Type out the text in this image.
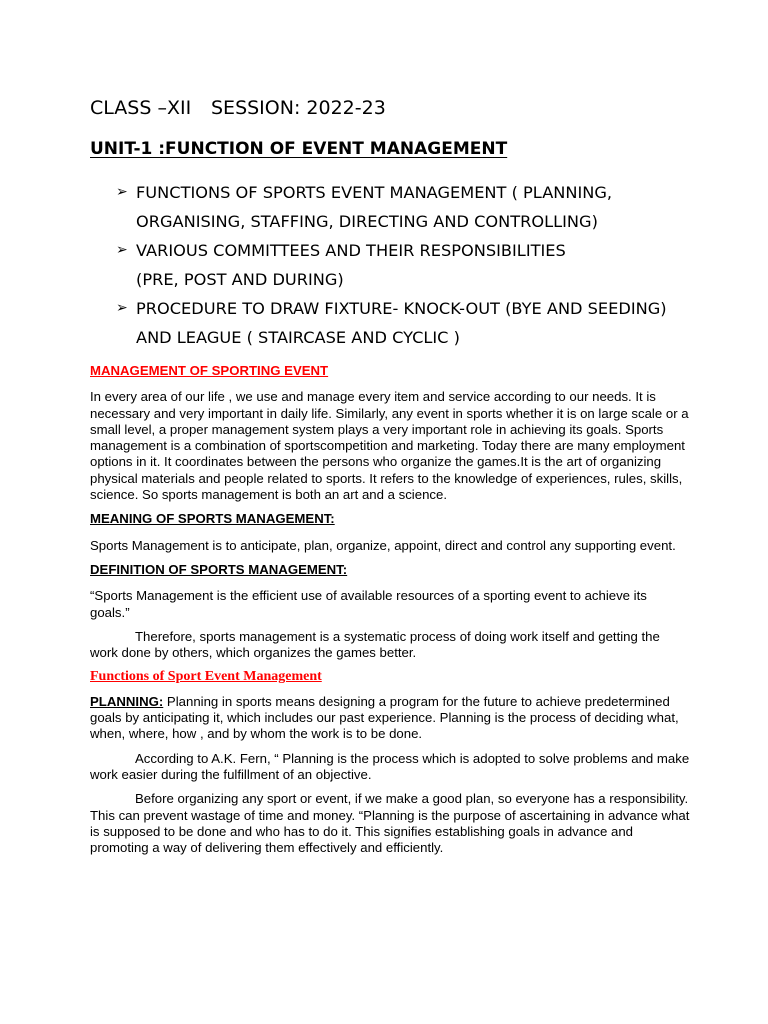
CLASS –XII SESSION: 2022-23
UNIT-1 :FUNCTION OF EVENT MANAGEMENT
➢ FUNCTIONS OF SPORTS EVENT MANAGEMENT ( PLANNING,
ORGANISING, STAFFING, DIRECTING AND CONTROLLING)
➢ VARIOUS COMMITTEES AND THEIR RESPONSIBILITIES
(PRE, POST AND DURING)
➢ PROCEDURE TO DRAW FIXTURE- KNOCK-OUT (BYE AND SEEDING)
AND LEAGUE ( STAIRCASE AND CYCLIC )
MANAGEMENT OF SPORTING EVENT

In every area of our life , we use and manage every item and service according to our needs. It is necessary and very important in daily life. Similarly, any event in sports whether it is on large scale or a small level, a proper management system plays a very important role in achieving its goals. Sports management is a combination of sportscompetition and marketing. Today there are many employment options in it. It coordinates between the persons who organize the games.It is the art of organizing physical materials and people related to sports. It refers to the knowledge of experiences, rules, skills, science. So sports management is both an art and a science.

MEANING OF SPORTS MANAGEMENT:

Sports Management is to anticipate, plan, organize, appoint, direct and control any supporting event.

DEFINITION OF SPORTS MANAGEMENT:

“Sports Management is the efficient use of available resources of a sporting event to achieve its goals.”

Therefore, sports management is a systematic process of doing work itself and getting the work done by others, which organizes the games better.

Functions of Sport Event Management

PLANNING: Planning in sports means designing a program for the future to achieve predetermined goals by anticipating it, which includes our past experience. Planning is the process of deciding what, when, where, how , and by whom the work is to be done.

According to A.K. Fern, “ Planning is the process which is adopted to solve problems and make work easier during the fulfillment of an objective.

Before organizing any sport or event, if we make a good plan, so everyone has a responsibility. This can prevent wastage of time and money. “Planning is the purpose of ascertaining in advance what is supposed to be done and who has to do it. This signifies establishing goals in advance and promoting a way of delivering them effectively and efficiently.
